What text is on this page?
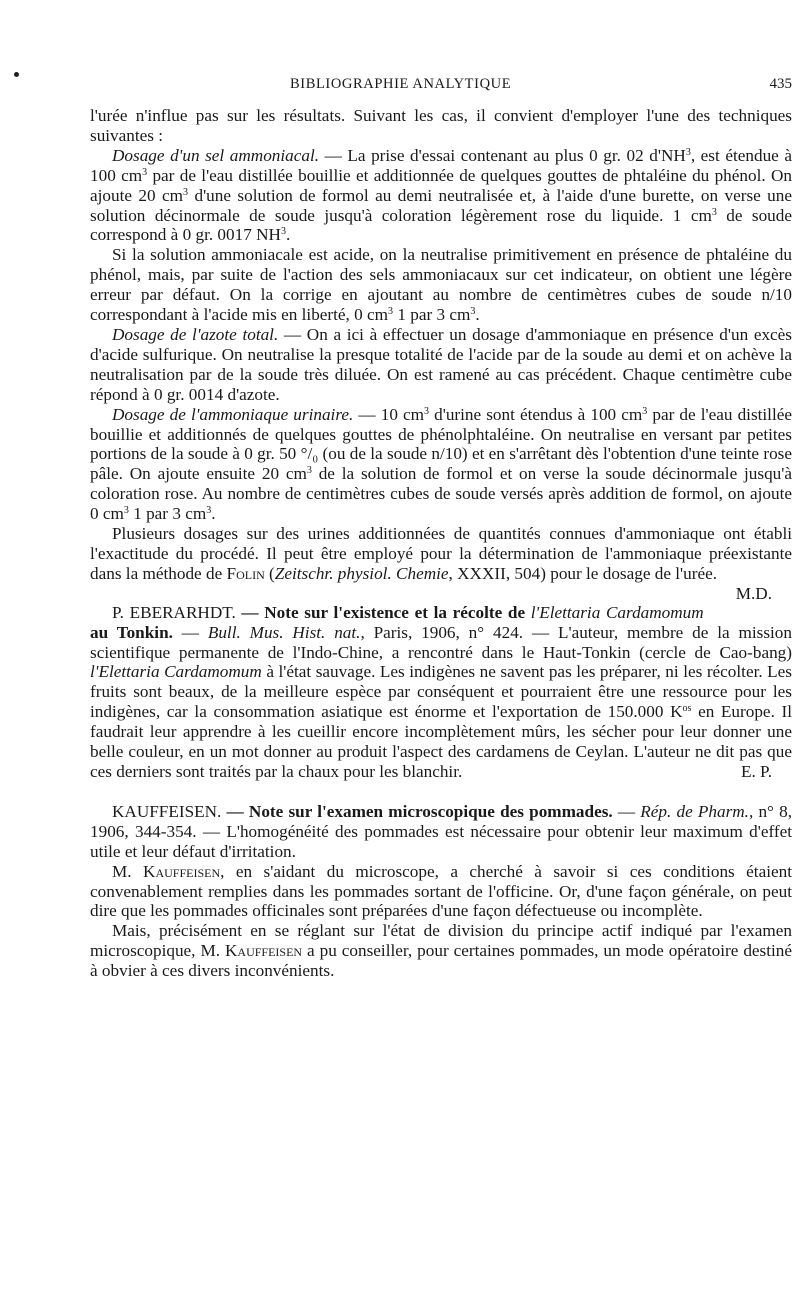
BIBLIOGRAPHIE ANALYTIQUE	435

l'urée n'influe pas sur les résultats. Suivant les cas, il convient d'employer l'une des techniques suivantes :

Dosage d'un sel ammoniacal. — La prise d'essai contenant au plus 0 gr. 02 $d'NH^3$, est étendue à 100 $cm^3$ par de l'eau distillée bouillie et additionnée de quelques gouttes de phtaléine du phénol. On ajoute 20 $cm^3$ d'une solution de formol au demi neutralisée et, à l'aide d'une burette, on verse une solution décinormale de soude jusqu'à coloration légèrement rose du liquide. 1 $cm^3$ de soude correspond à 0 gr. 0017 $NH^3$.

Si la solution ammoniacale est acide, on la neutralise primitivement en présence de phtaléine du phénol, mais, par suite de l'action des sels ammoniacaux sur cet indicateur, on obtient une légère erreur par défaut. On la corrige en ajoutant au nombre de centimètres cubes de soude n/10 correspondant à l'acide mis en liberté, 0 $cm^3$ 1 par 3 $cm^3$.

Dosage de l'azote total. — On a ici à effectuer un dosage d'ammoniaque en présence d'un excès d'acide sulfurique. On neutralise la presque totalité de l'acide par de la soude au demi et on achève la neutralisation par de la soude très diluée. On est ramené au cas précédent. Chaque centimètre cube répond à 0 gr. 0014 d'azote.

Dosage de l'ammoniaque urinaire. — 10 $cm^3$ d'urine sont étendus à 100 $cm^3$ par de l'eau distillée bouillie et additionnés de quelques gouttes de phénolphtaléine. On neutralise en versant par petites portions de la soude à 0 gr. 50 °/₀ (ou de la soude n/10) et en s'arrêtant dès l'obtention d'une teinte rose pâle. On ajoute ensuite 20 $cm^3$ de la solution de formol et on verse la soude décinormale jusqu'à coloration rose. Au nombre de centimètres cubes de soude versés après addition de formol, on ajoute 0 $cm^3$ 1 par 3 $cm^3$.

Plusieurs dosages sur des urines additionnées de quantités connues d'ammoniaque ont établi l'exactitude du procédé. Il peut être employé pour la détermination de l'ammoniaque préexistante dans la méthode de Folin (Zeitschr. physiol. Chemie, XXXII, 504) pour le dosage de l'urée.
M.D.

P. EBERARHDT. — Note sur l'existence et la récolte de l'Elettaria Cardamomum au Tonkin. — Bull. Mus. Hist. nat., Paris, 1906, n° 424. — L'auteur, membre de la mission scientifique permanente de l'Indo-Chine, a rencontré dans le Haut-Tonkin (cercle de Cao-bang) l'Elettaria Cardamomum à l'état sauvage. Les indigènes ne savent pas les préparer, ni les récolter. Les fruits sont beaux, de la meilleure espèce par conséquent et pourraient être une ressource pour les indigènes, car la consommation asiatique est énorme et l'exportation de 150.000 $K^{os}$ en Europe. Il faudrait leur apprendre à les cueillir encore incomplètement mûrs, les sécher pour leur donner une belle couleur, en un mot donner au produit l'aspect des cardamens de Ceylan. L'auteur ne dit pas que ces derniers sont traités par la chaux pour les blanchir.	E. P.

KAUFFEISEN. — Note sur l'examen microscopique des pommades. — Rép. de Pharm., n° 8, 1906, 344-354. — L'homogénéité des pommades est nécessaire pour obtenir leur maximum d'effet utile et leur défaut d'irritation.

M. Kauffeisen, en s'aidant du microscope, a cherché à savoir si ces conditions étaient convenablement remplies dans les pommades sortant de l'officine. Or, d'une façon générale, on peut dire que les pommades officinales sont préparées d'une façon défectueuse ou incomplète.

Mais, précisément en se réglant sur l'état de division du principe actif indiqué par l'examen microscopique, M. Kauffeisen a pu conseiller, pour certaines pommades, un mode opératoire destiné à obvier à ces divers inconvénients.
